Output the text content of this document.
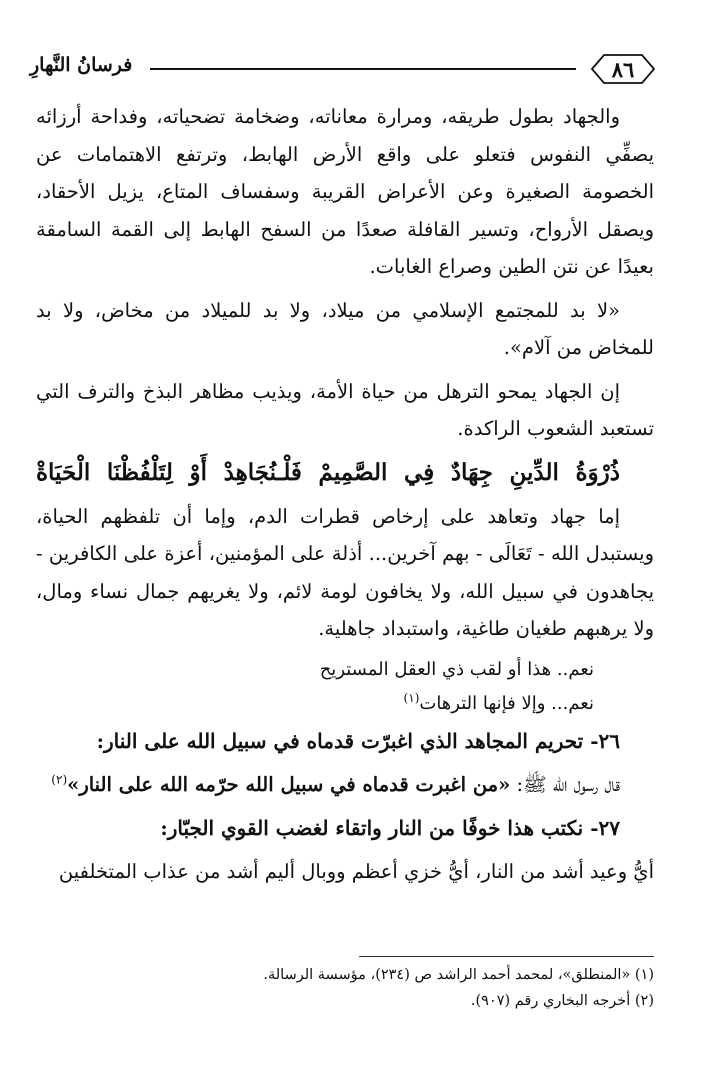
٨٦
فرسانُ النَّهارِ

والجهاد بطول طريقه، ومرارة معاناته، وضخامة تضحياته، وفداحة أرزائه يصفِّي النفوس فتعلو على واقع الأرض الهابط، وترتفع الاهتمامات عن الخصومة الصغيرة وعن الأعراض القريبة وسفساف المتاع، يزيل الأحقاد، ويصقل الأرواح، وتسير القافلة صعدًا من السفح الهابط إلى القمة السامقة بعيدًا عن نتن الطين وصراع الغابات.

«لا بد للمجتمع الإسلامي من ميلاد، ولا بد للميلاد من مخاض، ولا بد للمخاض من آلام».

إن الجهاد يمحو الترهل من حياة الأمة، ويذيب مظاهر البذخ والترف التي تستعبد الشعوب الراكدة.

ذُرْوَةُ الدِّينِ جِهَادٌ فِي الصَّمِيمْ فَلْـنُجَاهِدْ أَوْ لِتَلْفُظْنَا الْحَيَاةْ

إما جهاد وتعاهد على إرخاص قطرات الدم، وإما أن تلفظهم الحياة، ويستبدل الله - تَعَالَى - بهم آخرين... أذلة على المؤمنين، أعزة على الكافرين - يجاهدون في سبيل الله، ولا يخافون لومة لائم، ولا يغريهم جمال نساء ومال، ولا يرهبهم طغيان طاغية، واستبداد جاهلية.

نعم.. هذا أو لقب ذي العقل المستريح
نعم... وإلا فإنها الترهات$^{(١)}$

٢٦- تحريم المجاهد الذي اغبرّت قدماه في سبيل الله على النار:

قال رسول الله ﷺ: «من اغبرت قدماه في سبيل الله حرّمه الله على النار»$^{(٢)}$

٢٧- نكتب هذا خوفًا من النار واتقاء لغضب القوي الجبّار:

أيُّ وعيد أشد من النار، أيُّ خزي أعظم ووبال أليم أشد من عذاب المتخلفين

(١) «المنطلق»، لمحمد أحمد الراشد ص (٢٣٤)، مؤسسة الرسالة.
(٢) أخرجه البخاري رقم (٩٠٧).
